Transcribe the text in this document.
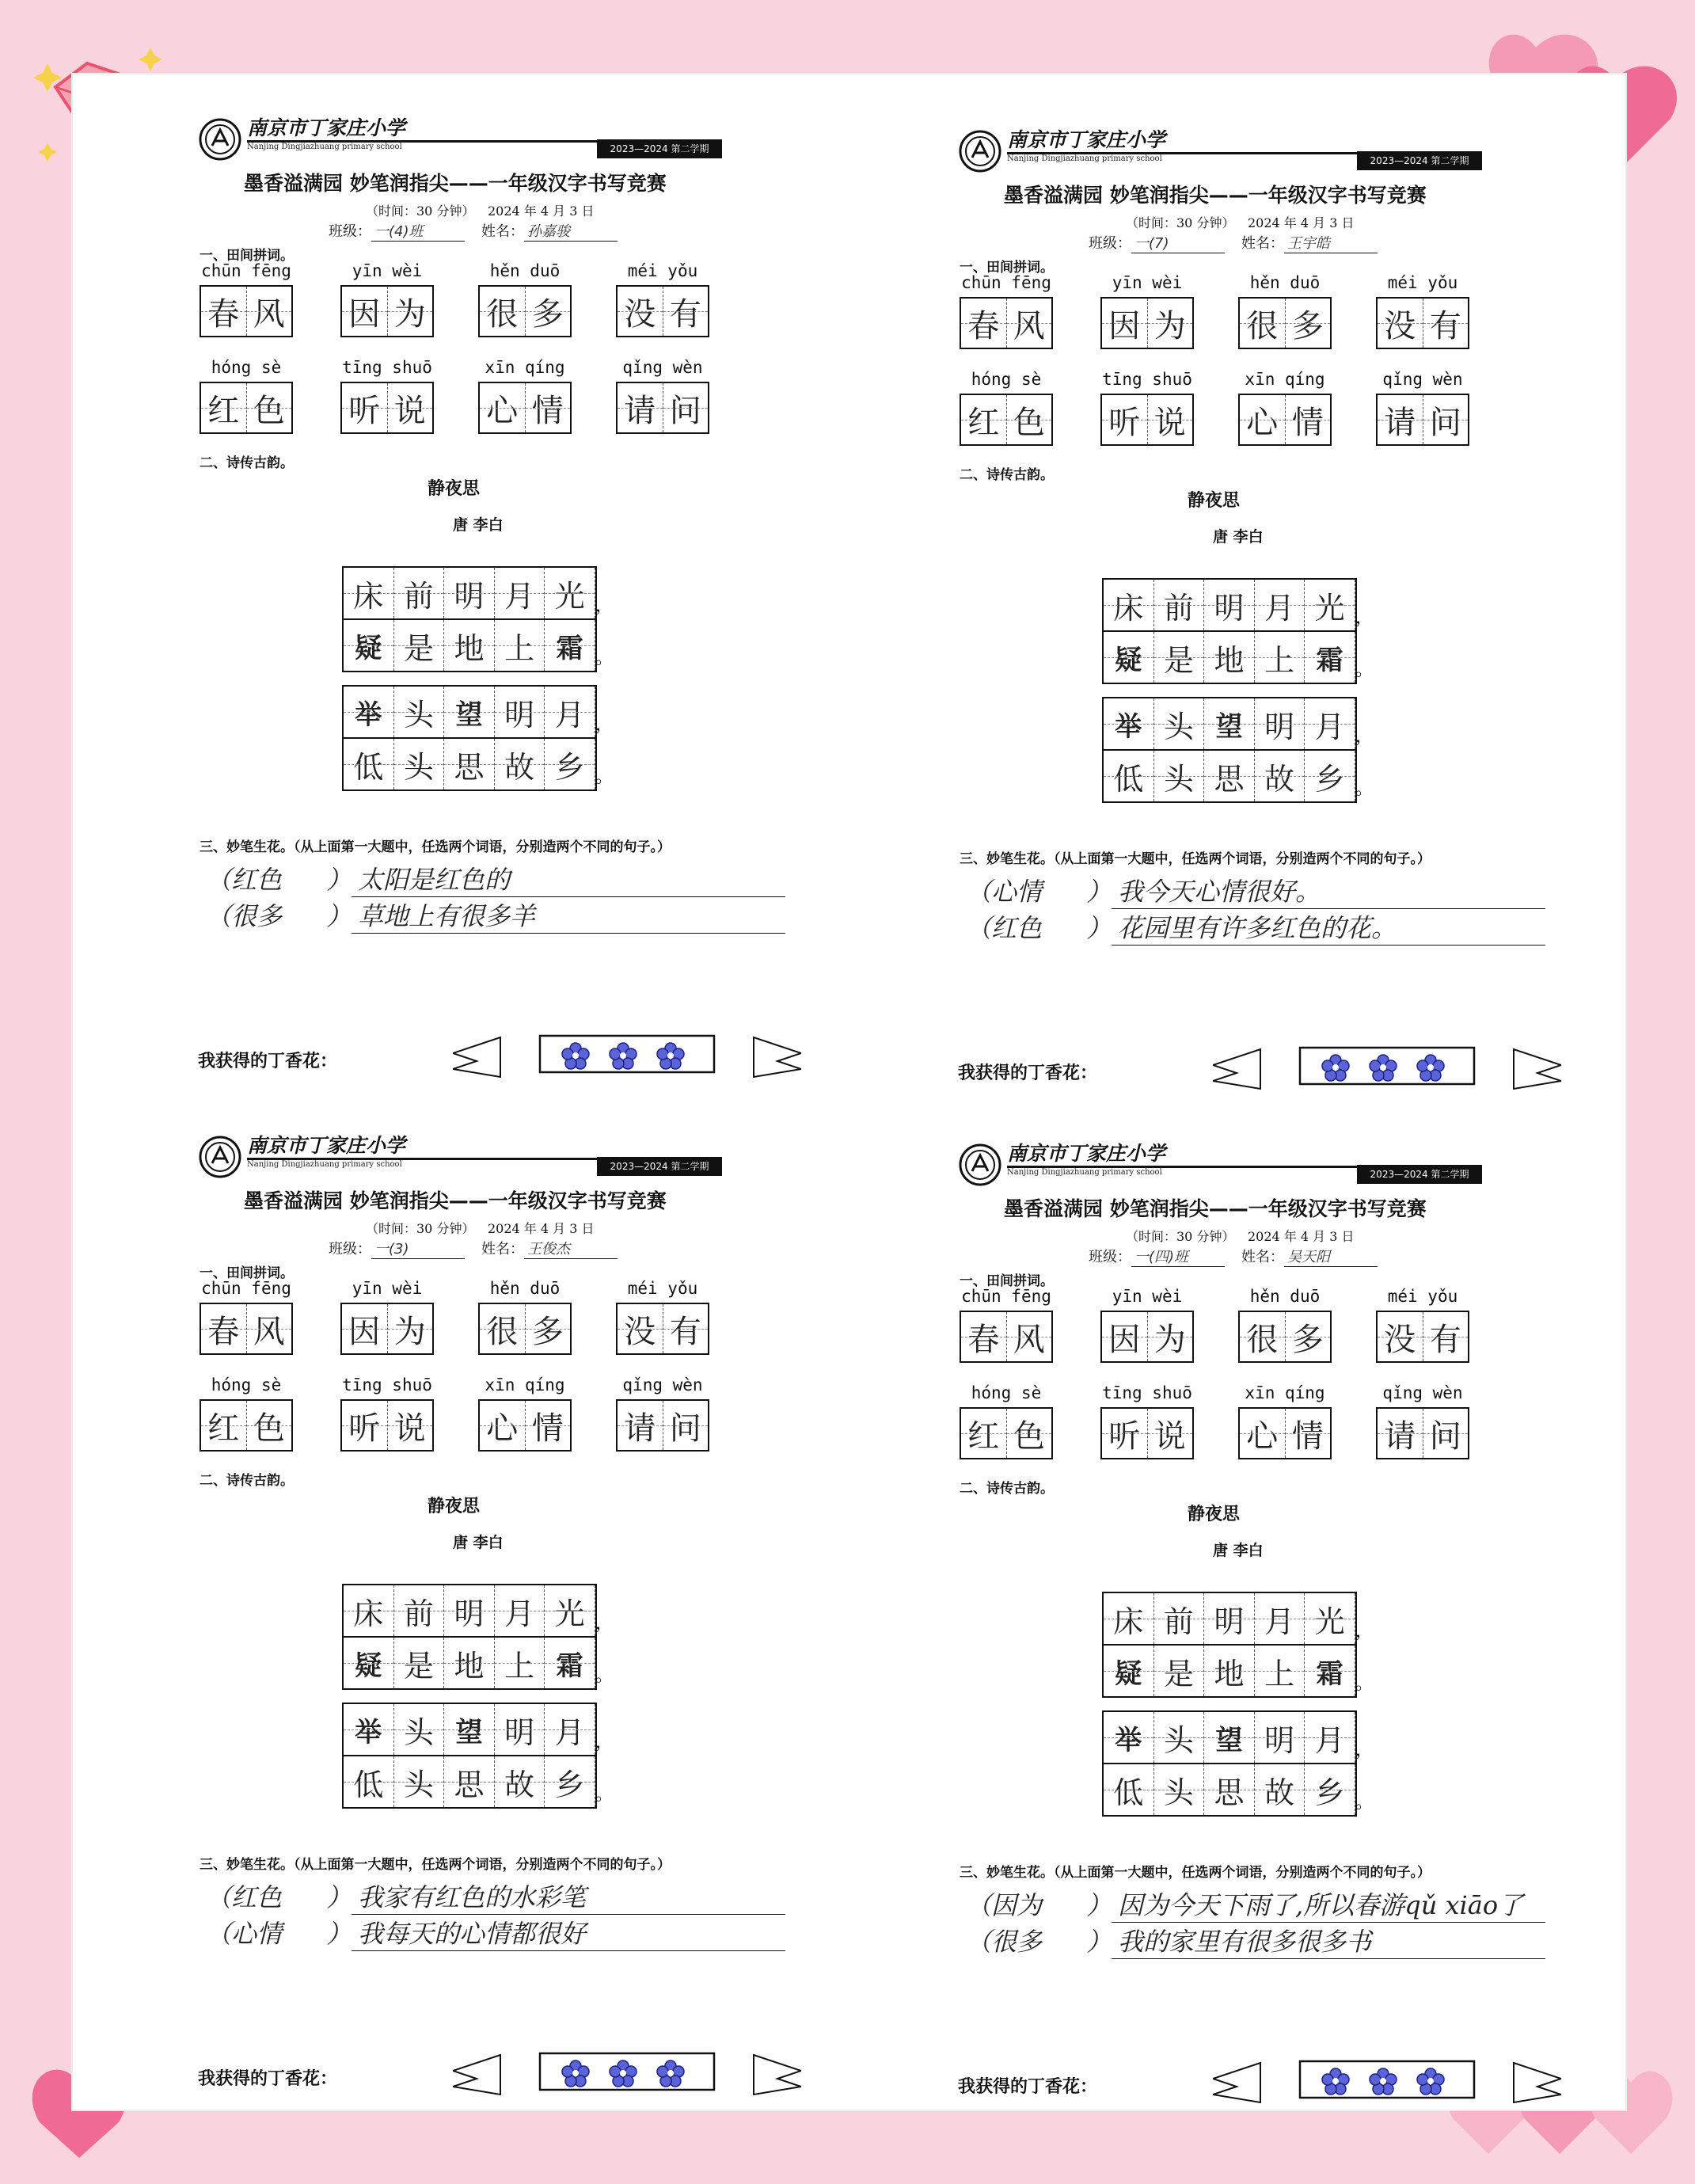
南京市丁家庄小学
Nanjing Dingjiazhuang primary school	2023—2024 第二学期
墨香溢满园 妙笔润指尖——一年级汉字书写竞赛
（时间：30 分钟） 2024 年 4 月 3 日
班级： 一(4)班	姓名： 孙嘉骏
一、田间拼词。
chūn fēng
春 风
yīn wèi
因 为
hěn duō
很 多
méi yǒu
没 有
hóng sè
红 色
tīng shuō
听 说
xīn qíng
心 情
qǐng wèn
请 问
二、诗传古韵。
静夜思
唐 李白
床 前 明 月 光 ，
疑 是 地 上 霜 。
举 头 望 明 月 ，
低 头 思 故 乡 。
三、妙笔生花。（从上面第一大题中，任选两个词语，分别造两个不同的句子。）
（红色 ） 太阳是红色的
（很多 ） 草地上有很多羊
我获得的丁香花：
南京市丁家庄小学
Nanjing Dingjiazhuang primary school	2023—2024 第二学期
墨香溢满园 妙笔润指尖——一年级汉字书写竞赛
（时间：30 分钟） 2024 年 4 月 3 日
班级： 一(7)	姓名： 王宇皓
一、田间拼词。
chūn fēng
春 风
yīn wèi
因 为
hěn duō
很 多
méi yǒu
没 有
hóng sè
红 色
tīng shuō
听 说
xīn qíng
心 情
qǐng wèn
请 问
二、诗传古韵。
静夜思
唐 李白
床 前 明 月 光 ，
疑 是 地 上 霜 。
举 头 望 明 月 ，
低 头 思 故 乡 。
三、妙笔生花。（从上面第一大题中，任选两个词语，分别造两个不同的句子。）
（心情 ） 我今天心情很好。
（红色 ） 花园里有许多红色的花。
我获得的丁香花：
南京市丁家庄小学
Nanjing Dingjiazhuang primary school	2023—2024 第二学期
墨香溢满园 妙笔润指尖——一年级汉字书写竞赛
（时间：30 分钟） 2024 年 4 月 3 日
班级： 一(3)	姓名： 王俊杰
一、田间拼词。
chūn fēng
春 风
yīn wèi
因 为
hěn duō
很 多
méi yǒu
没 有
hóng sè
红 色
tīng shuō
听 说
xīn qíng
心 情
qǐng wèn
请 问
二、诗传古韵。
静夜思
唐 李白
床 前 明 月 光 ，
疑 是 地 上 霜 。
举 头 望 明 月 ，
低 头 思 故 乡 。
三、妙笔生花。（从上面第一大题中，任选两个词语，分别造两个不同的句子。）
（红色 ） 我家有红色的水彩笔
（心情 ） 我每天的心情都很好
我获得的丁香花：
南京市丁家庄小学
Nanjing Dingjiazhuang primary school	2023—2024 第二学期
墨香溢满园 妙笔润指尖——一年级汉字书写竞赛
（时间：30 分钟） 2024 年 4 月 3 日
班级： 一(四)班	姓名： 吴天阳
一、田间拼词。
chūn fēng
春 风
yīn wèi
因 为
hěn duō
很 多
méi yǒu
没 有
hóng sè
红 色
tīng shuō
听 说
xīn qíng
心 情
qǐng wèn
请 问
二、诗传古韵。
静夜思
唐 李白
床 前 明 月 光 ，
疑 是 地 上 霜 。
举 头 望 明 月 ，
低 头 思 故 乡 。
三、妙笔生花。（从上面第一大题中，任选两个词语，分别造两个不同的句子。）
（因为 ） 因为今天下雨了,所以春游qǔ xiāo了
（很多 ） 我的家里有很多很多书
我获得的丁香花：
